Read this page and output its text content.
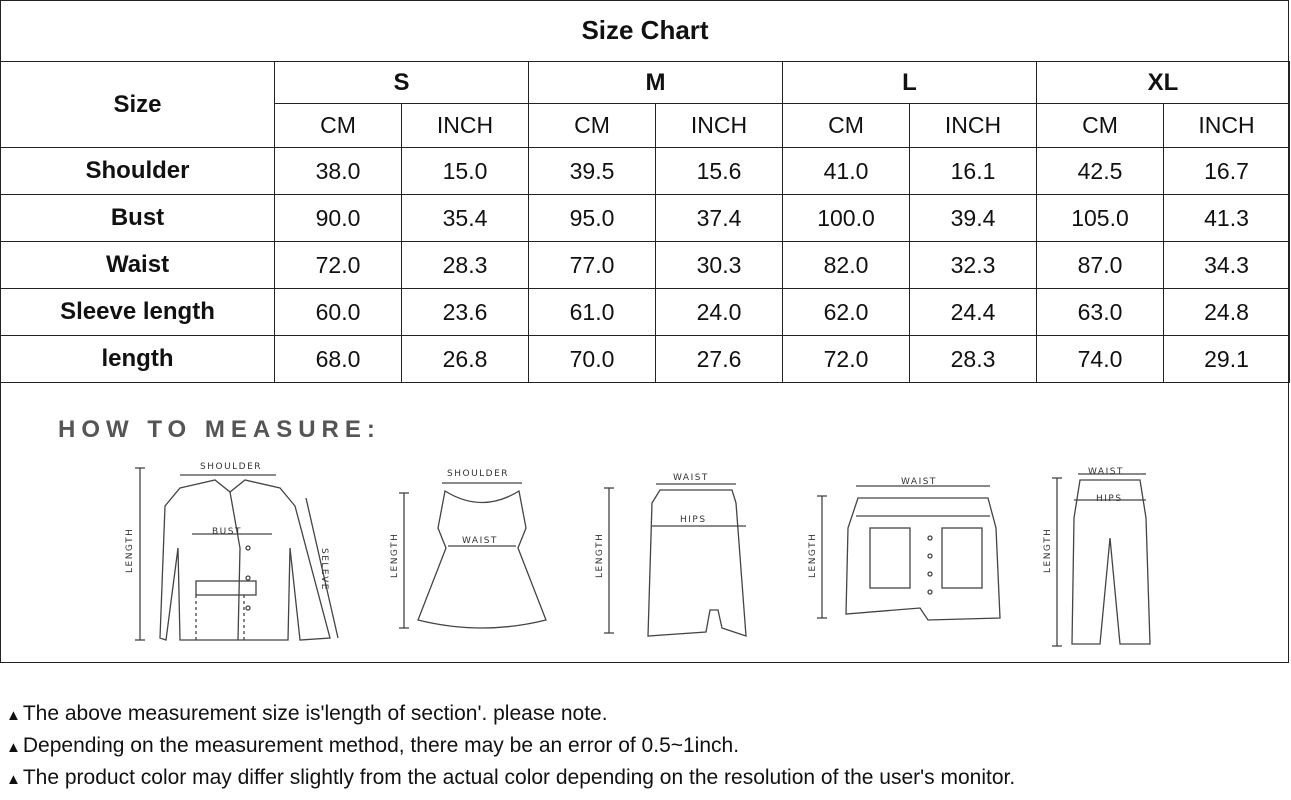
Size Chart								
Size	S		M		L		XL	
	CM	INCH	CM	INCH	CM	INCH	CM	INCH
Shoulder	38.0	15.0	39.5	15.6	41.0	16.1	42.5	16.7
Bust	90.0	35.4	95.0	37.4	100.0	39.4	105.0	41.3
Waist	72.0	28.3	77.0	30.3	82.0	32.3	87.0	34.3
Sleeve length	60.0	23.6	61.0	24.0	62.0	24.4	63.0	24.8
length	68.0	26.8	70.0	27.6	72.0	28.3	74.0	29.1
HOW TO MEASURE:
SHOULDER
BUST
LENGTH	SELEVE
SHOULDER
WAIST
LENGTH
WAIST
HIPS
LENGTH
WAIST
LENGTH
WAIST
HIPS
LENGTH
▲The above measurement size is'length of section'. please note.
▲Depending on the measurement method, there may be an error of 0.5~1inch.
▲The product color may differ slightly from the actual color depending on the resolution of the user's monitor.
